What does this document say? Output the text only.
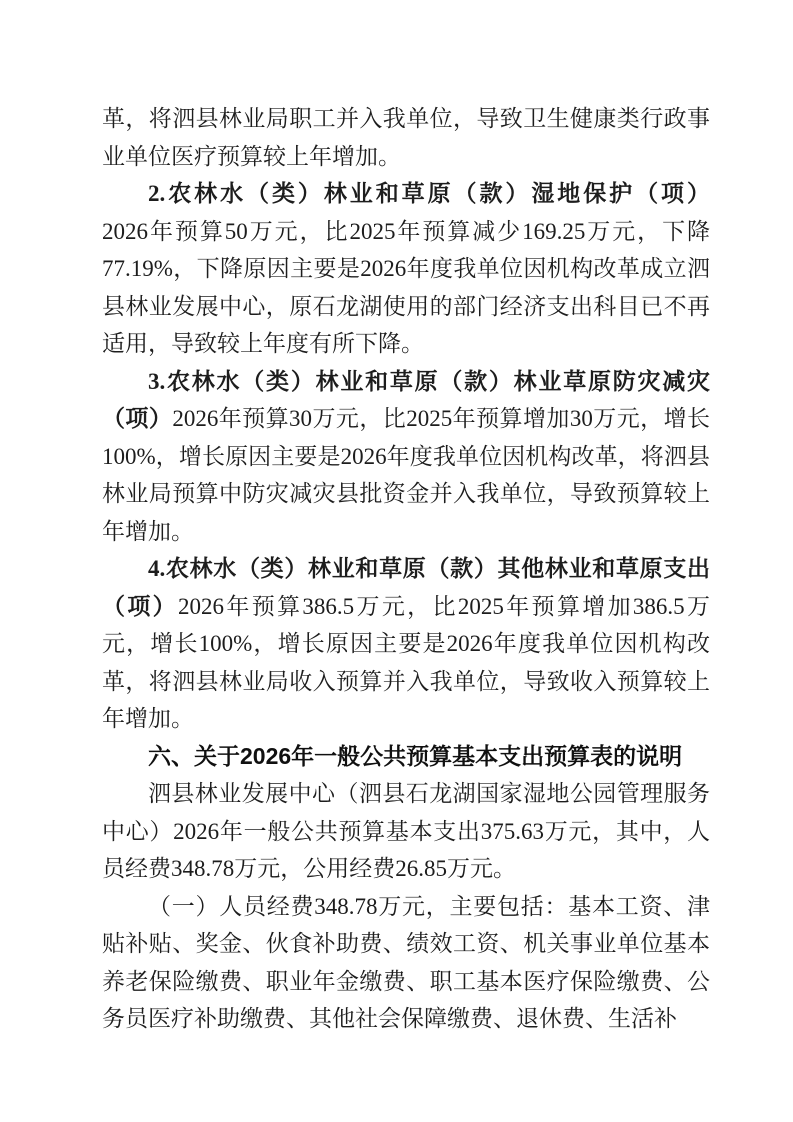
革，将泗县林业局职工并入我单位，导致卫生健康类行政事
业单位医疗预算较上年增加。
2.农林水（类）林业和草原（款）湿地保护（项）
2026年预算50万元，比2025年预算减少169.25万元，下降
77.19%，下降原因主要是2026年度我单位因机构改革成立泗
县林业发展中心，原石龙湖使用的部门经济支出科目已不再
适用，导致较上年度有所下降。
3.农林水（类）林业和草原（款）林业草原防灾减灾
（项）2026年预算30万元，比2025年预算增加30万元，增长
100%，增长原因主要是2026年度我单位因机构改革，将泗县
林业局预算中防灾减灾县批资金并入我单位，导致预算较上
年增加。
4.农林水（类）林业和草原（款）其他林业和草原支出
（项）2026年预算386.5万元，比2025年预算增加386.5万
元，增长100%，增长原因主要是2026年度我单位因机构改
革，将泗县林业局收入预算并入我单位，导致收入预算较上
年增加。
六、关于2026年一般公共预算基本支出预算表的说明
泗县林业发展中心（泗县石龙湖国家湿地公园管理服务
中心）2026年一般公共预算基本支出375.63万元，其中，人
员经费348.78万元，公用经费26.85万元。
（一）人员经费348.78万元，主要包括：基本工资、津
贴补贴、奖金、伙食补助费、绩效工资、机关事业单位基本
养老保险缴费、职业年金缴费、职工基本医疗保险缴费、公
务员医疗补助缴费、其他社会保障缴费、退休费、生活补
